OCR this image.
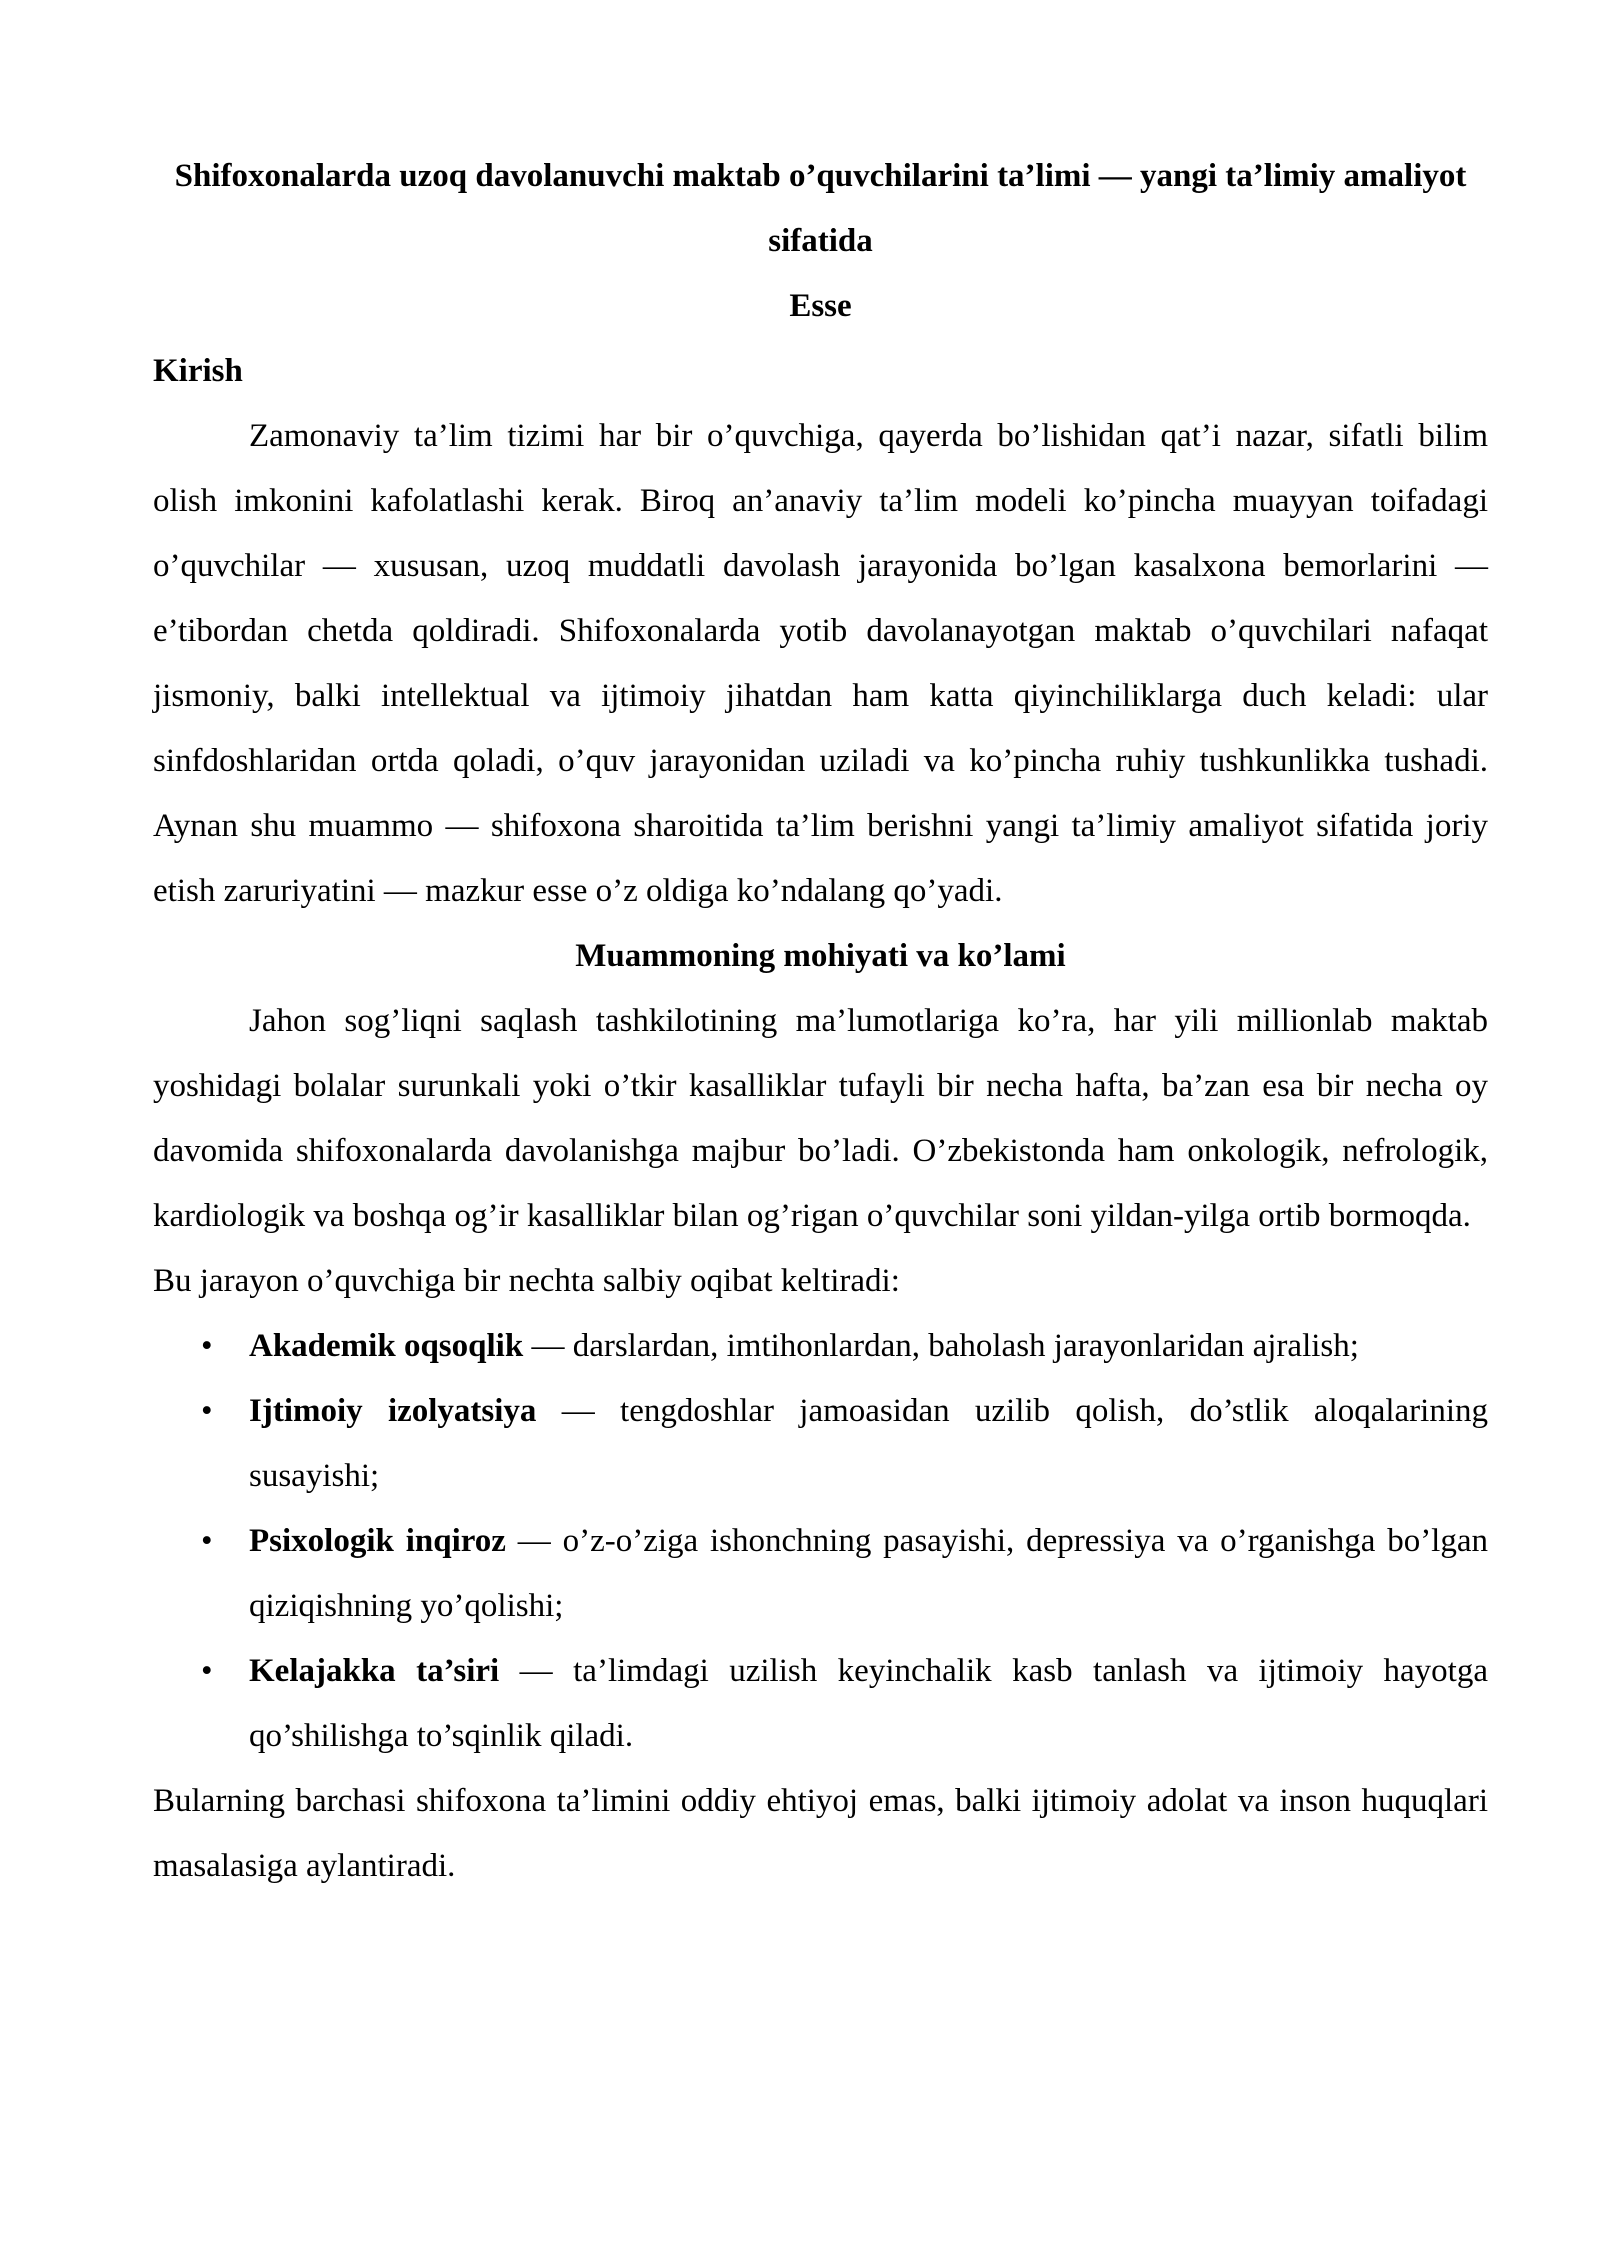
Shifoxonalarda uzoq davolanuvchi maktab o’quvchilarini ta’limi — yangi ta’limiy amaliyot sifatida

Esse

Kirish

Zamonaviy ta’lim tizimi har bir o’quvchiga, qayerda bo’lishidan qat’i nazar, sifatli bilim olish imkonini kafolatlashi kerak. Biroq an’anaviy ta’lim modeli ko’pincha muayyan toifadagi o’quvchilar — xususan, uzoq muddatli davolash jarayonida bo’lgan kasalxona bemorlarini — e’tibordan chetda qoldiradi. Shifoxonalarda yotib davolanayotgan maktab o’quvchilari nafaqat jismoniy, balki intellektual va ijtimoiy jihatdan ham katta qiyinchiliklarga duch keladi: ular sinfdoshlaridan ortda qoladi, o’quv jarayonidan uziladi va ko’pincha ruhiy tushkunlikka tushadi. Aynan shu muammo — shifoxona sharoitida ta’lim berishni yangi ta’limiy amaliyot sifatida joriy etish zaruriyatini — mazkur esse o’z oldiga ko’ndalang qo’yadi.

Muammoning mohiyati va ko’lami

Jahon sog’liqni saqlash tashkilotining ma’lumotlariga ko’ra, har yili millionlab maktab yoshidagi bolalar surunkali yoki o’tkir kasalliklar tufayli bir necha hafta, ba’zan esa bir necha oy davomida shifoxonalarda davolanishga majbur bo’ladi. O’zbekistonda ham onkologik, nefrologik, kardiologik va boshqa og’ir kasalliklar bilan og’rigan o’quvchilar soni yildan-yilga ortib bormoqda.

Bu jarayon o’quvchiga bir nechta salbiy oqibat keltiradi:

• Akademik oqsoqlik — darslardan, imtihonlardan, baholash jarayonlaridan ajralish;
• Ijtimoiy izolyatsiya — tengdoshlar jamoasidan uzilib qolish, do’stlik aloqalarining susayishi;
• Psixologik inqiroz — o’z-o’ziga ishonchning pasayishi, depressiya va o’rganishga bo’lgan qiziqishning yo’qolishi;
• Kelajakka ta’siri — ta’limdagi uzilish keyinchalik kasb tanlash va ijtimoiy hayotga qo’shilishga to’sqinlik qiladi.

Bularning barchasi shifoxona ta’limini oddiy ehtiyoj emas, balki ijtimoiy adolat va inson huquqlari masalasiga aylantiradi.
